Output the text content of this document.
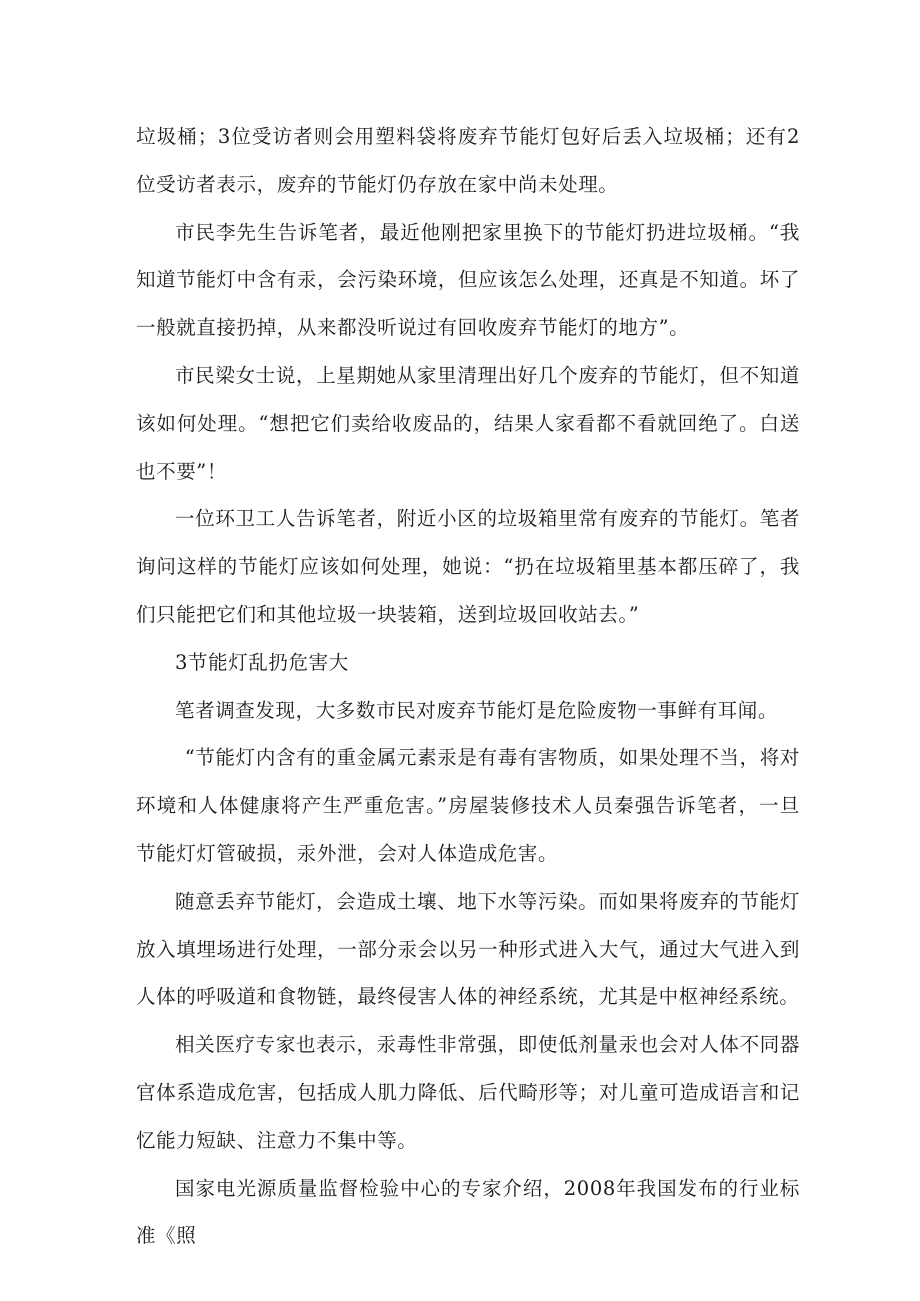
垃圾桶；3位受访者则会用塑料袋将废弃节能灯包好后丢入垃圾桶；还有2位受访者表示，废弃的节能灯仍存放在家中尚未处理。

市民李先生告诉笔者，最近他刚把家里换下的节能灯扔进垃圾桶。“我知道节能灯中含有汞，会污染环境，但应该怎么处理，还真是不知道。坏了一般就直接扔掉，从来都没听说过有回收废弃节能灯的地方”。

市民梁女士说，上星期她从家里清理出好几个废弃的节能灯，但不知道该如何处理。“想把它们卖给收废品的，结果人家看都不看就回绝了。白送也不要”！

一位环卫工人告诉笔者，附近小区的垃圾箱里常有废弃的节能灯。笔者询问这样的节能灯应该如何处理，她说：“扔在垃圾箱里基本都压碎了，我们只能把它们和其他垃圾一块装箱，送到垃圾回收站去。”

3节能灯乱扔危害大

笔者调查发现，大多数市民对废弃节能灯是危险废物一事鲜有耳闻。

“节能灯内含有的重金属元素汞是有毒有害物质，如果处理不当，将对环境和人体健康将产生严重危害。”房屋装修技术人员秦强告诉笔者，一旦节能灯灯管破损，汞外泄，会对人体造成危害。

随意丢弃节能灯，会造成土壤、地下水等污染。而如果将废弃的节能灯放入填埋场进行处理，一部分汞会以另一种形式进入大气，通过大气进入到人体的呼吸道和食物链，最终侵害人体的神经系统，尤其是中枢神经系统。

相关医疗专家也表示，汞毒性非常强，即使低剂量汞也会对人体不同器官体系造成危害，包括成人肌力降低、后代畸形等；对儿童可造成语言和记忆能力短缺、注意力不集中等。

国家电光源质量监督检验中心的专家介绍，2008年我国发布的行业标准《照
